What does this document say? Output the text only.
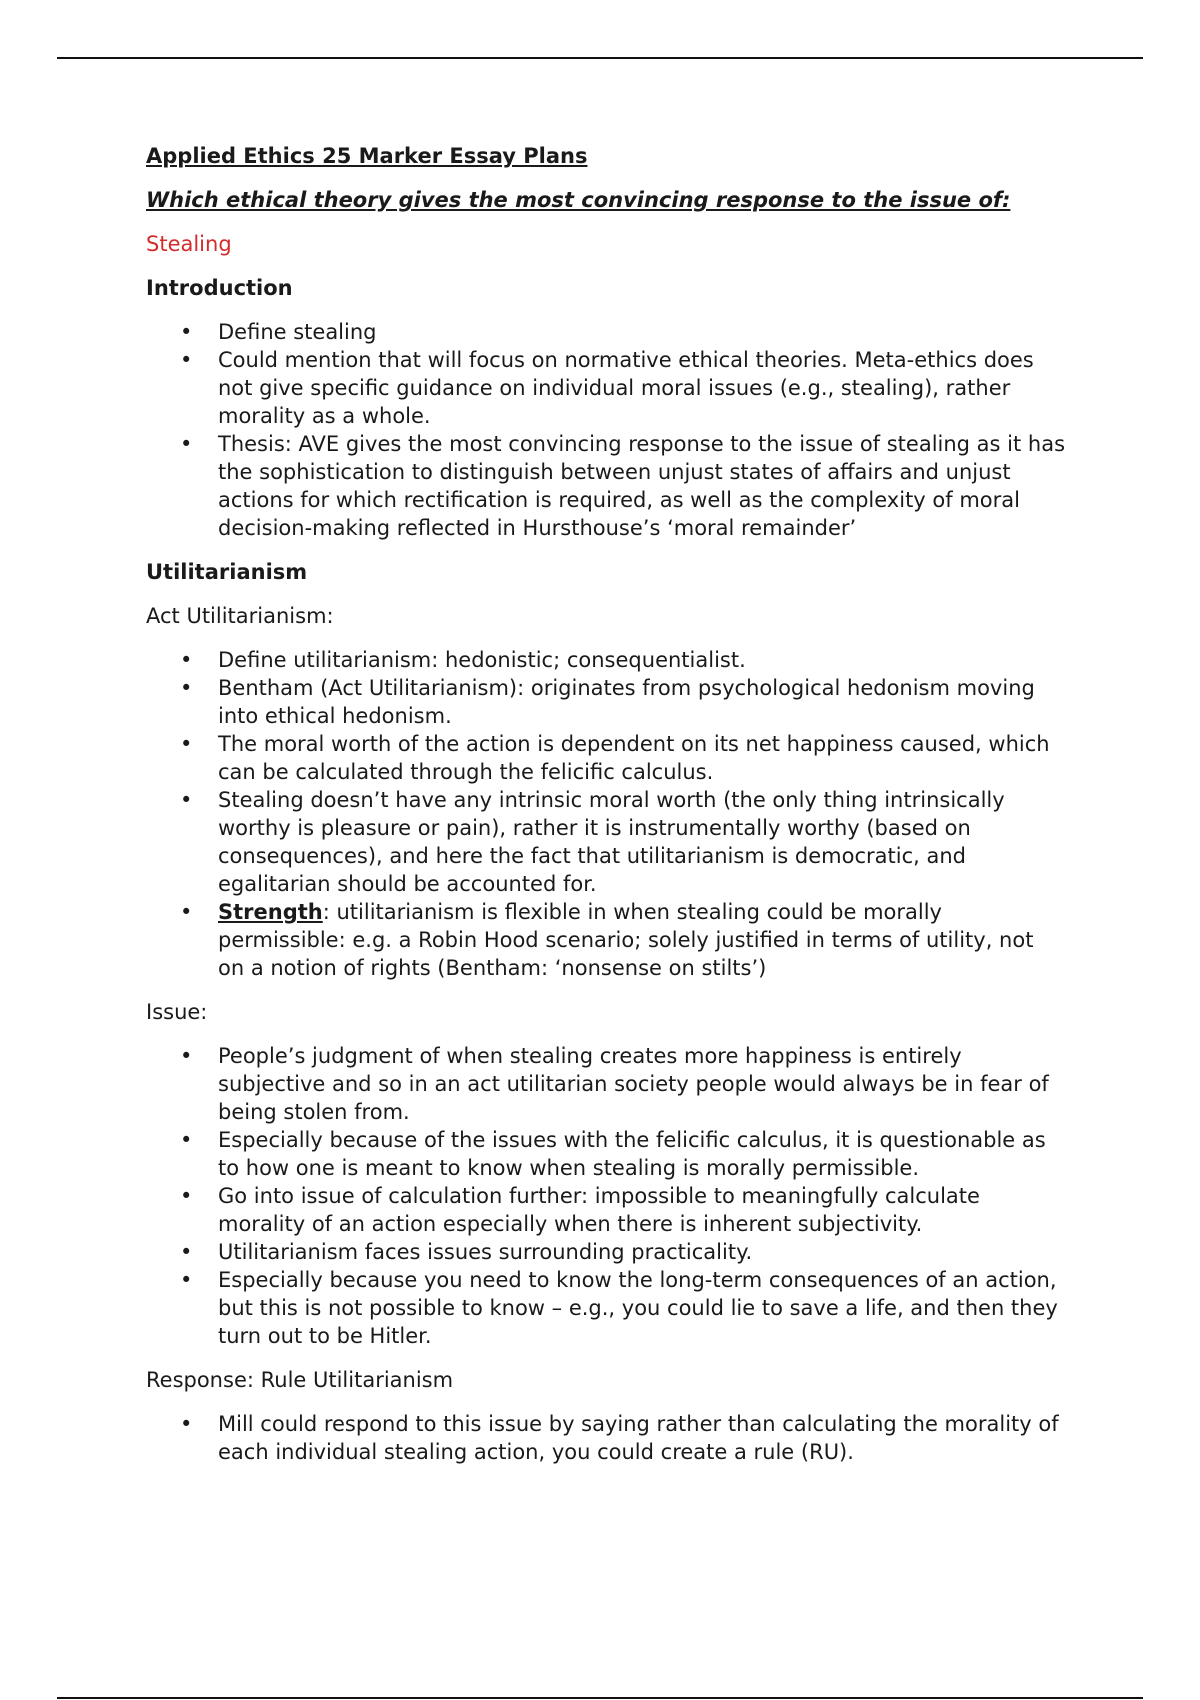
Applied Ethics 25 Marker Essay Plans
Which ethical theory gives the most convincing response to the issue of:
Stealing
Introduction
• Define stealing
• Could mention that will focus on normative ethical theories. Meta-ethics does not give specific guidance on individual moral issues (e.g., stealing), rather morality as a whole.
• Thesis: AVE gives the most convincing response to the issue of stealing as it has the sophistication to distinguish between unjust states of affairs and unjust actions for which rectification is required, as well as the complexity of moral decision-making reflected in Hursthouse’s ‘moral remainder’
Utilitarianism
Act Utilitarianism:
• Define utilitarianism: hedonistic; consequentialist.
• Bentham (Act Utilitarianism): originates from psychological hedonism moving into ethical hedonism.
• The moral worth of the action is dependent on its net happiness caused, which can be calculated through the felicific calculus.
• Stealing doesn’t have any intrinsic moral worth (the only thing intrinsically worthy is pleasure or pain), rather it is instrumentally worthy (based on consequences), and here the fact that utilitarianism is democratic, and egalitarian should be accounted for.
• Strength: utilitarianism is flexible in when stealing could be morally permissible: e.g. a Robin Hood scenario; solely justified in terms of utility, not on a notion of rights (Bentham: ‘nonsense on stilts’)
Issue:
• People’s judgment of when stealing creates more happiness is entirely subjective and so in an act utilitarian society people would always be in fear of being stolen from.
• Especially because of the issues with the felicific calculus, it is questionable as to how one is meant to know when stealing is morally permissible.
• Go into issue of calculation further: impossible to meaningfully calculate morality of an action especially when there is inherent subjectivity.
• Utilitarianism faces issues surrounding practicality.
• Especially because you need to know the long-term consequences of an action, but this is not possible to know – e.g., you could lie to save a life, and then they turn out to be Hitler.
Response: Rule Utilitarianism
• Mill could respond to this issue by saying rather than calculating the morality of each individual stealing action, you could create a rule (RU).
